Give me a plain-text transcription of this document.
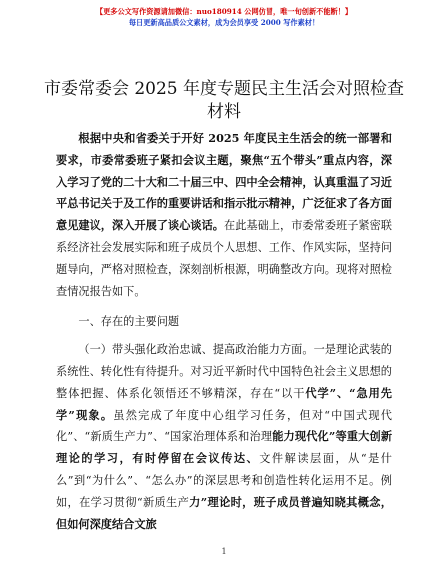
【更多公文写作资源请加微信：nuo180914 公网仿冒，唯一旬创新不能断！】
每日更新高品质公文素材，成为会员享受 2000 写作素材！
市委常委会 2025 年度专题民主生活会对照检查材料

根据中央和省委关于开好 2025 年度民主生活会的统一部署和要求，市委常委班子紧扣会议主题，聚焦“五个带头”重点内容，深入学习了党的二十大和二十届三中、四中全会精神，认真重温了习近平总书记关于及工作的重要讲话和指示批示精神，广泛征求了各方面意见建议，深入开展了谈心谈话。在此基础上，市委常委班子紧密联系经济社会发展实际和班子成员个人思想、工作、作风实际，坚持问题导向，严格对照检查，深刻剖析根源，明确整改方向。现将对照检查情况报告如下。

一、存在的主要问题

（一）带头强化政治忠诚、提高政治能力方面。一是理论武装的系统性、转化性有待提升。对习近平新时代中国特色社会主义思想的整体把握、体系化领悟还不够精深，存在“以干代学”、“急用先学”现象。虽然完成了年度中心组学习任务，但对“中国式现代化”、“新质生产力”、“国家治理体系和治理能力现代化”等重大创新理论的学习，有时停留在会议传达、文件解读层面，从“是什么”到“为什么”、“怎么办”的深层思考和创造性转化运用不足。例如，在学习贯彻“新质生产力”理论时，班子成员普遍知晓其概念，但如何深度结合文旅

1
